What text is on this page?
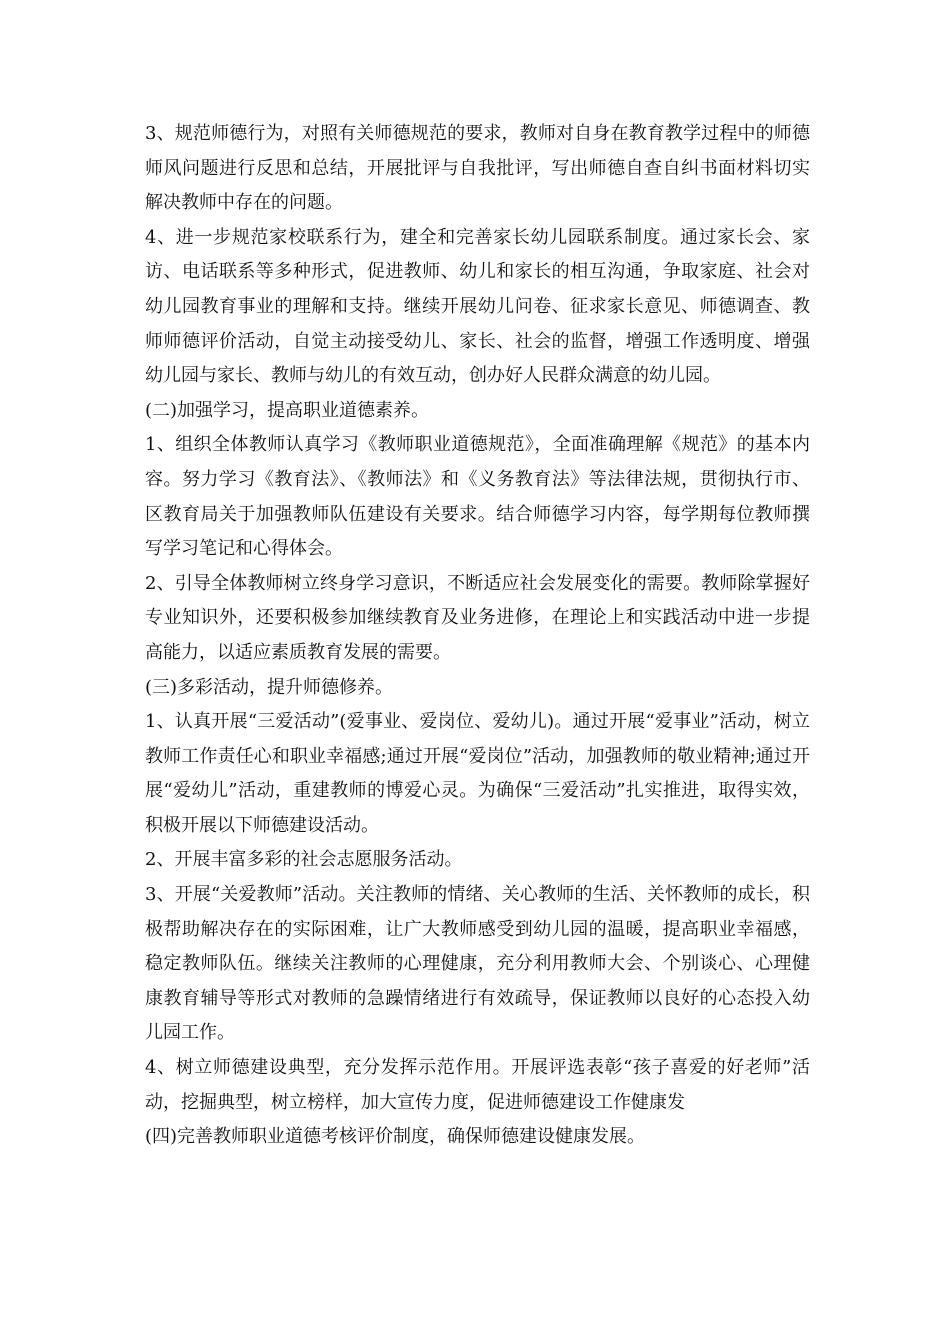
3、规范师德行为，对照有关师德规范的要求，教师对自身在教育教学过程中的师德师风问题进行反思和总结，开展批评与自我批评，写出师德自查自纠书面材料切实解决教师中存在的问题。

4、进一步规范家校联系行为，建全和完善家长幼儿园联系制度。通过家长会、家访、电话联系等多种形式，促进教师、幼儿和家长的相互沟通，争取家庭、社会对幼儿园教育事业的理解和支持。继续开展幼儿问卷、征求家长意见、师德调查、教师师德评价活动，自觉主动接受幼儿、家长、社会的监督，增强工作透明度、增强幼儿园与家长、教师与幼儿的有效互动，创办好人民群众满意的幼儿园。

(二)加强学习，提高职业道德素养。

1、组织全体教师认真学习《教师职业道德规范》，全面准确理解《规范》的基本内容。努力学习《教育法》、《教师法》和《义务教育法》等法律法规，贯彻执行市、区教育局关于加强教师队伍建设有关要求。结合师德学习内容，每学期每位教师撰写学习笔记和心得体会。

2、引导全体教师树立终身学习意识，不断适应社会发展变化的需要。教师除掌握好专业知识外，还要积极参加继续教育及业务进修，在理论上和实践活动中进一步提高能力，以适应素质教育发展的需要。

(三)多彩活动，提升师德修养。

1、认真开展“三爱活动”(爱事业、爱岗位、爱幼儿)。通过开展“爱事业”活动，树立教师工作责任心和职业幸福感;通过开展“爱岗位”活动，加强教师的敬业精神;通过开展“爱幼儿”活动，重建教师的博爱心灵。为确保“三爱活动”扎实推进，取得实效，积极开展以下师德建设活动。

2、开展丰富多彩的社会志愿服务活动。

3、开展“关爱教师”活动。关注教师的情绪、关心教师的生活、关怀教师的成长，积极帮助解决存在的实际困难，让广大教师感受到幼儿园的温暖，提高职业幸福感，稳定教师队伍。继续关注教师的心理健康，充分利用教师大会、个别谈心、心理健康教育辅导等形式对教师的急躁情绪进行有效疏导，保证教师以良好的心态投入幼儿园工作。

4、树立师德建设典型，充分发挥示范作用。开展评选表彰“孩子喜爱的好老师”活动，挖掘典型，树立榜样，加大宣传力度，促进师德建设工作健康发

(四)完善教师职业道德考核评价制度，确保师德建设健康发展。
